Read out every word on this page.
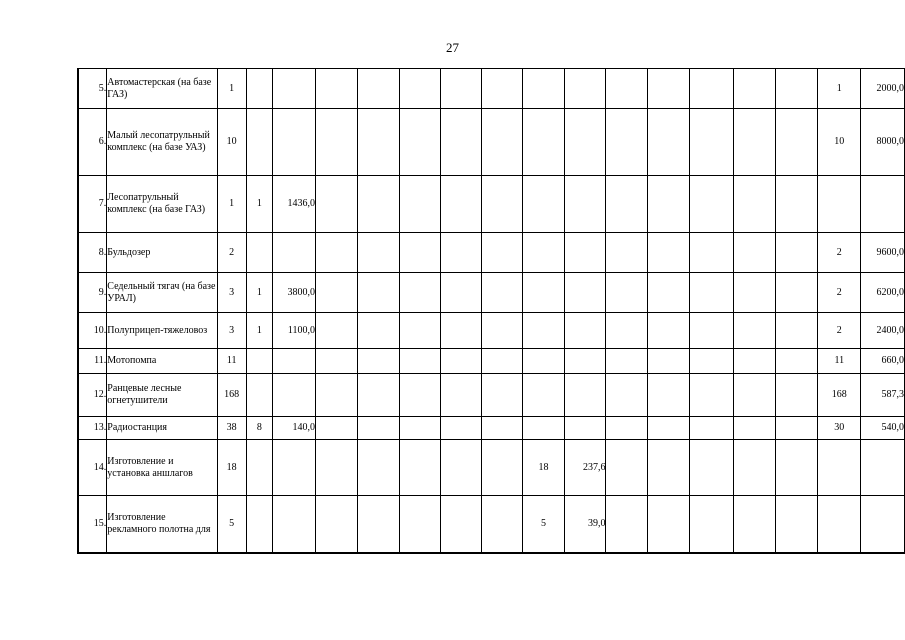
27
5.	Автомастерская (на базе ГАЗ)	1															1	2000,0
6.	Малый лесопатрульный комплекс (на базе УАЗ)	10															10	8000,0
7.	Лесопатрульный комплекс (на базе ГАЗ)	1	1	1436,0														
8.	Бульдозер	2															2	9600,0
9.	Седельный тягач (на базе УРАЛ)	3	1	3800,0													2	6200,0
10.	Полуприцеп-тяжеловоз	3	1	1100,0													2	2400,0
11.	Мотопомпа	11															11	660,0
12.	Ранцевые лесные огнетушители	168															168	587,3
13.	Радиостанция	38	8	140,0													30	540,0
14.	Изготовление и установка аншлагов	18								18	237,6							
15.	Изготовление рекламного полотна для	5								5	39,0							
